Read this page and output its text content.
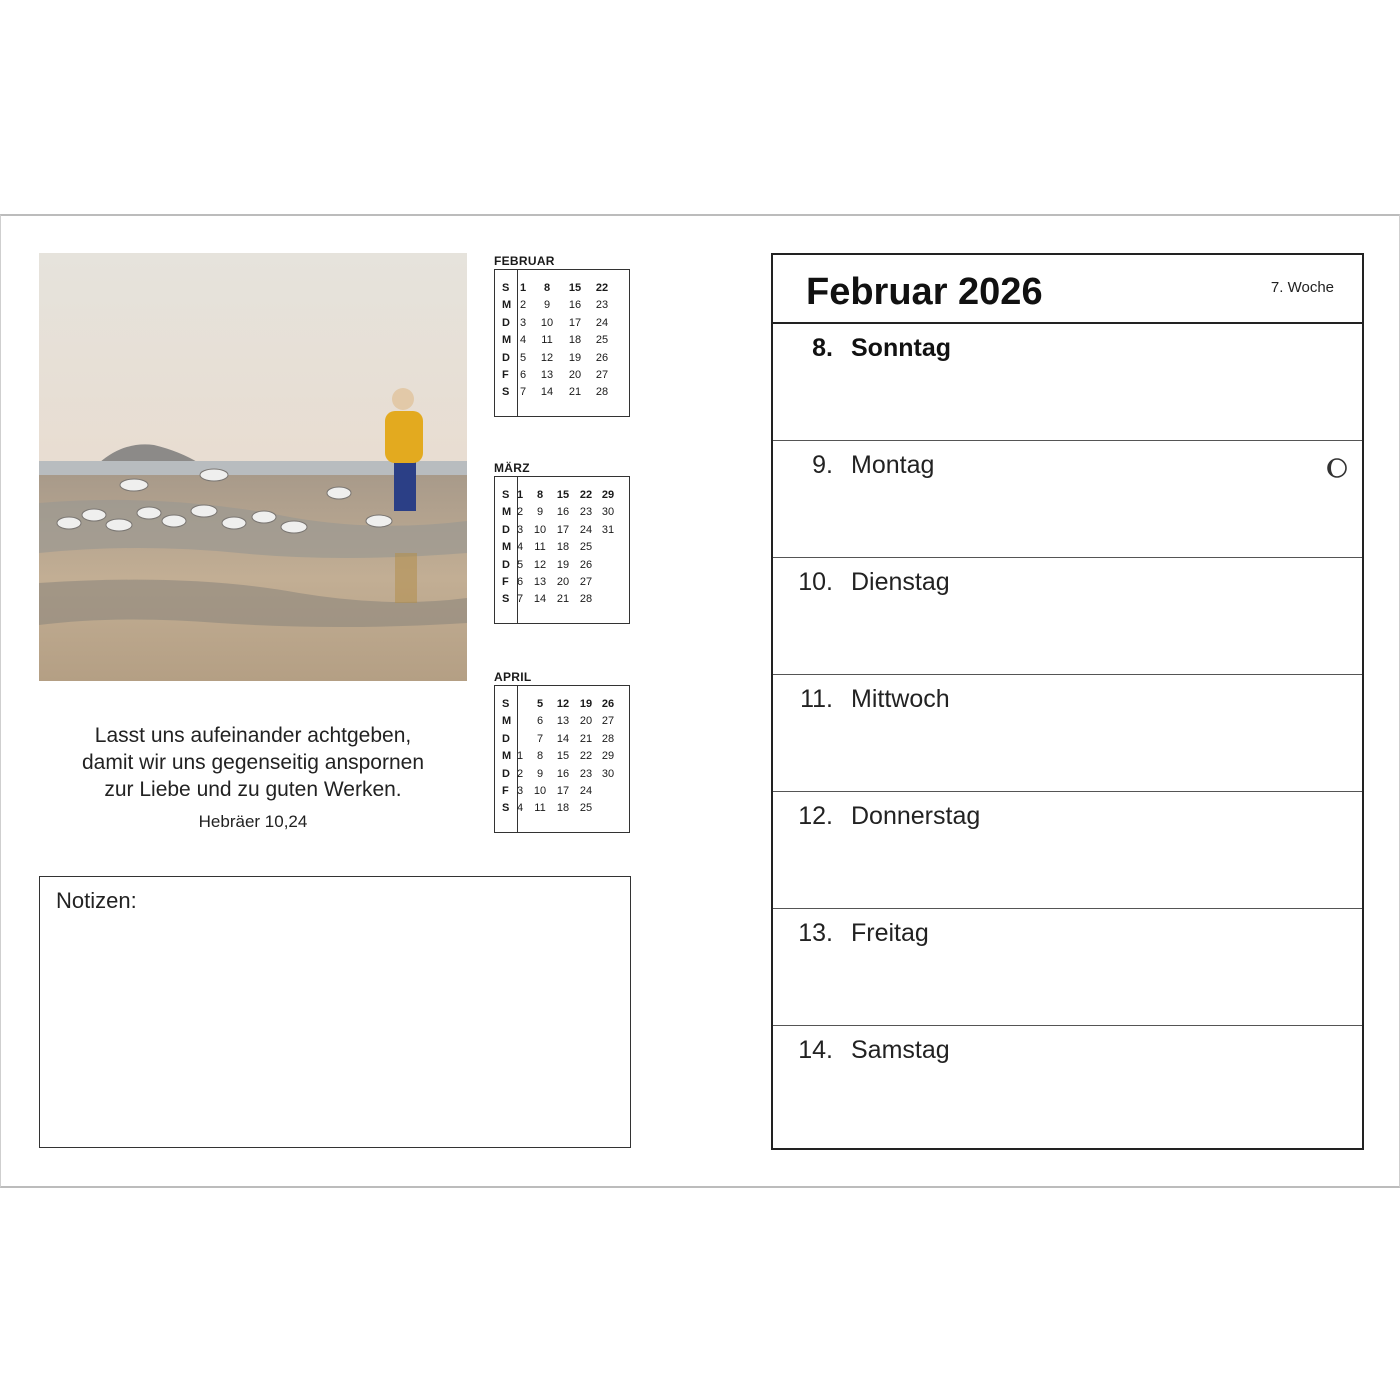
Lasst uns aufeinander achtgeben,
damit wir uns gegenseitig anspornen
zur Liebe und zu guten Werken.
Hebräer 10,24
FEBRUAR
S 1	8	15	22
M 2	9	16	23
D 3	10	17	24
M 4	11	18	25
D 5	12	19	26
F	6	13	20	27
S 7	14	21	28
MÄRZ
S 1	8	15 22 29
M 2	9	16 23 30
D 3 10 17 24 31
M 4	11	18 25
D 5 12 19 26
F 6 13 20 27
S 7 14 21 28
APRIL
S	5	12 19 26
M	6	13 20 27
D	7	14 21 28
M 1	8	15 22 29
D 2	9	16 23 30
F 3 10 17 24
S 4	11	18 25
Notizen:
Februar 2026	7. Woche
8. Sonntag
9. Montag
10. Dienstag
11. Mittwoch
12. Donnerstag
13. Freitag
14. Samstag
